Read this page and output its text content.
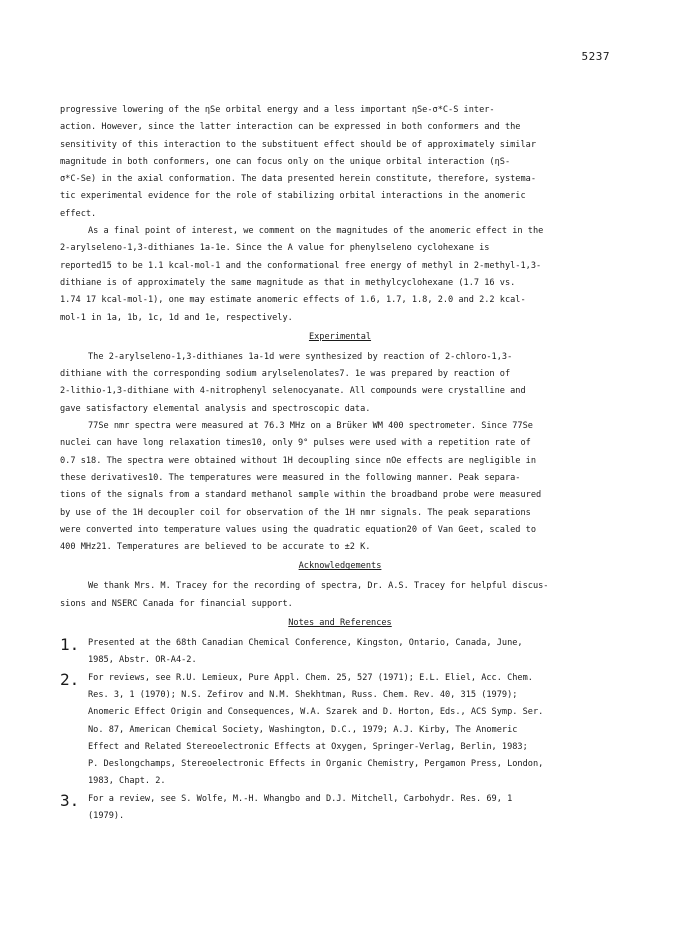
5237
progressive lowering of the ηSe orbital energy and a less important ηSe-σ*C-S inter-
action. However, since the latter interaction can be expressed in both conformers and the
sensitivity of this interaction to the substituent effect should be of approximately similar
magnitude in both conformers, one can focus only on the unique orbital interaction (ηS-
σ*C-Se) in the axial conformation. The data presented herein constitute, therefore, systema-
tic experimental evidence for the role of stabilizing orbital interactions in the anomeric
effect.
As a final point of interest, we comment on the magnitudes of the anomeric effect in the
2-arylseleno-1,3-dithianes 1a-1e. Since the A value for phenylseleno cyclohexane is
reported15 to be 1.1 kcal-mol-1 and the conformational free energy of methyl in 2-methyl-1,3-
dithiane is of approximately the same magnitude as that in methylcyclohexane (1.7 16 vs.
1.74 17 kcal-mol-1), one may estimate anomeric effects of 1.6, 1.7, 1.8, 2.0 and 2.2 kcal-
mol-1 in 1a, 1b, 1c, 1d and 1e, respectively.
Experimental
The 2-arylseleno-1,3-dithianes 1a-1d were synthesized by reaction of 2-chloro-1,3-
dithiane with the corresponding sodium arylselenolates7. 1e was prepared by reaction of
2-lithio-1,3-dithiane with 4-nitrophenyl selenocyanate. All compounds were crystalline and
gave satisfactory elemental analysis and spectroscopic data.
77Se nmr spectra were measured at 76.3 MHz on a Brüker WM 400 spectrometer. Since 77Se
nuclei can have long relaxation times10, only 9° pulses were used with a repetition rate of
0.7 s18. The spectra were obtained without 1H decoupling since nOe effects are negligible in
these derivatives10. The temperatures were measured in the following manner. Peak separa-
tions of the signals from a standard methanol sample within the broadband probe were measured
by use of the 1H decoupler coil for observation of the 1H nmr signals. The peak separations
were converted into temperature values using the quadratic equation20 of Van Geet, scaled to
400 MHz21. Temperatures are believed to be accurate to ±2 K.
Acknowledgements
We thank Mrs. M. Tracey for the recording of spectra, Dr. A.S. Tracey for helpful discus-
sions and NSERC Canada for financial support.
Notes and References
1. Presented at the 68th Canadian Chemical Conference, Kingston, Ontario, Canada, June,
1985, Abstr. OR-A4-2.
2. For reviews, see R.U. Lemieux, Pure Appl. Chem. 25, 527 (1971); E.L. Eliel, Acc. Chem.
Res. 3, 1 (1970); N.S. Zefirov and N.M. Shekhtman, Russ. Chem. Rev. 40, 315 (1979);
Anomeric Effect Origin and Consequences, W.A. Szarek and D. Horton, Eds., ACS Symp. Ser.
No. 87, American Chemical Society, Washington, D.C., 1979; A.J. Kirby, The Anomeric
Effect and Related Stereoelectronic Effects at Oxygen, Springer-Verlag, Berlin, 1983;
P. Deslongchamps, Stereoelectronic Effects in Organic Chemistry, Pergamon Press, London,
1983, Chapt. 2.
3. For a review, see S. Wolfe, M.-H. Whangbo and D.J. Mitchell, Carbohydr. Res. 69, 1
(1979).
